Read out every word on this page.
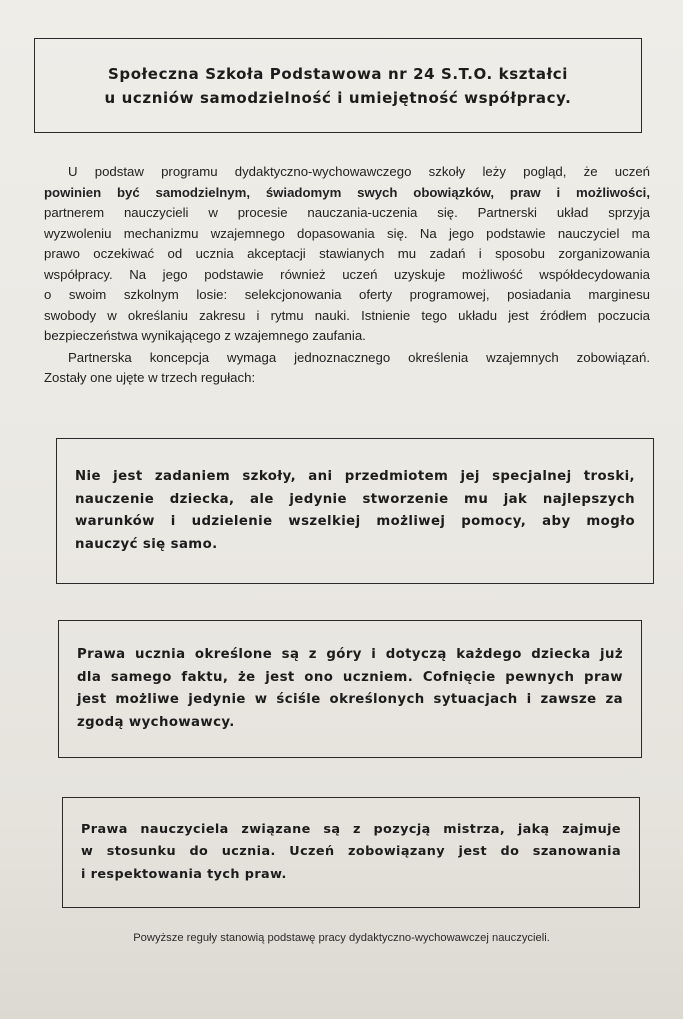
Społeczna Szkoła Podstawowa nr 24 S.T.O. kształci
u uczniów samodzielność i umiejętność współpracy.
U podstaw programu dydaktyczno-wychowawczego szkoły leży pogląd, że uczeń
powinien być samodzielnym, świadomym swych obowiązków, praw i możliwości,
partnerem nauczycieli w procesie nauczania-uczenia się. Partnerski układ sprzyja
wyzwoleniu mechanizmu wzajemnego dopasowania się. Na jego podstawie nauczyciel ma
prawo oczekiwać od ucznia akceptacji stawianych mu zadań i sposobu zorganizowania
współpracy. Na jego podstawie również uczeń uzyskuje możliwość współdecydowania
o swoim szkolnym losie: selekcjonowania oferty programowej, posiadania marginesu
swobody w określaniu zakresu i rytmu nauki. Istnienie tego układu jest źródłem poczucia
bezpieczeństwa wynikającego z wzajemnego zaufania.
Partnerska koncepcja wymaga jednoznacznego określenia wzajemnych zobowiązań.
Zostały one ujęte w trzech regułach:
Nie jest zadaniem szkoły, ani przedmiotem jej specjalnej troski,
nauczenie dziecka, ale jedynie stworzenie mu jak najlepszych
warunków i udzielenie wszelkiej możliwej pomocy, aby mogło
nauczyć się samo.
Prawa ucznia określone są z góry i dotyczą każdego dziecka już
dla samego faktu, że jest ono uczniem. Cofnięcie pewnych praw
jest możliwe jedynie w ściśle określonych sytuacjach i zawsze za
zgodą wychowawcy.
Prawa nauczyciela związane są z pozycją mistrza, jaką zajmuje
w stosunku do ucznia. Uczeń zobowiązany jest do szanowania
i respektowania tych praw.
Powyższe reguły stanowią podstawę pracy dydaktyczno-wychowawczej nauczycieli.
